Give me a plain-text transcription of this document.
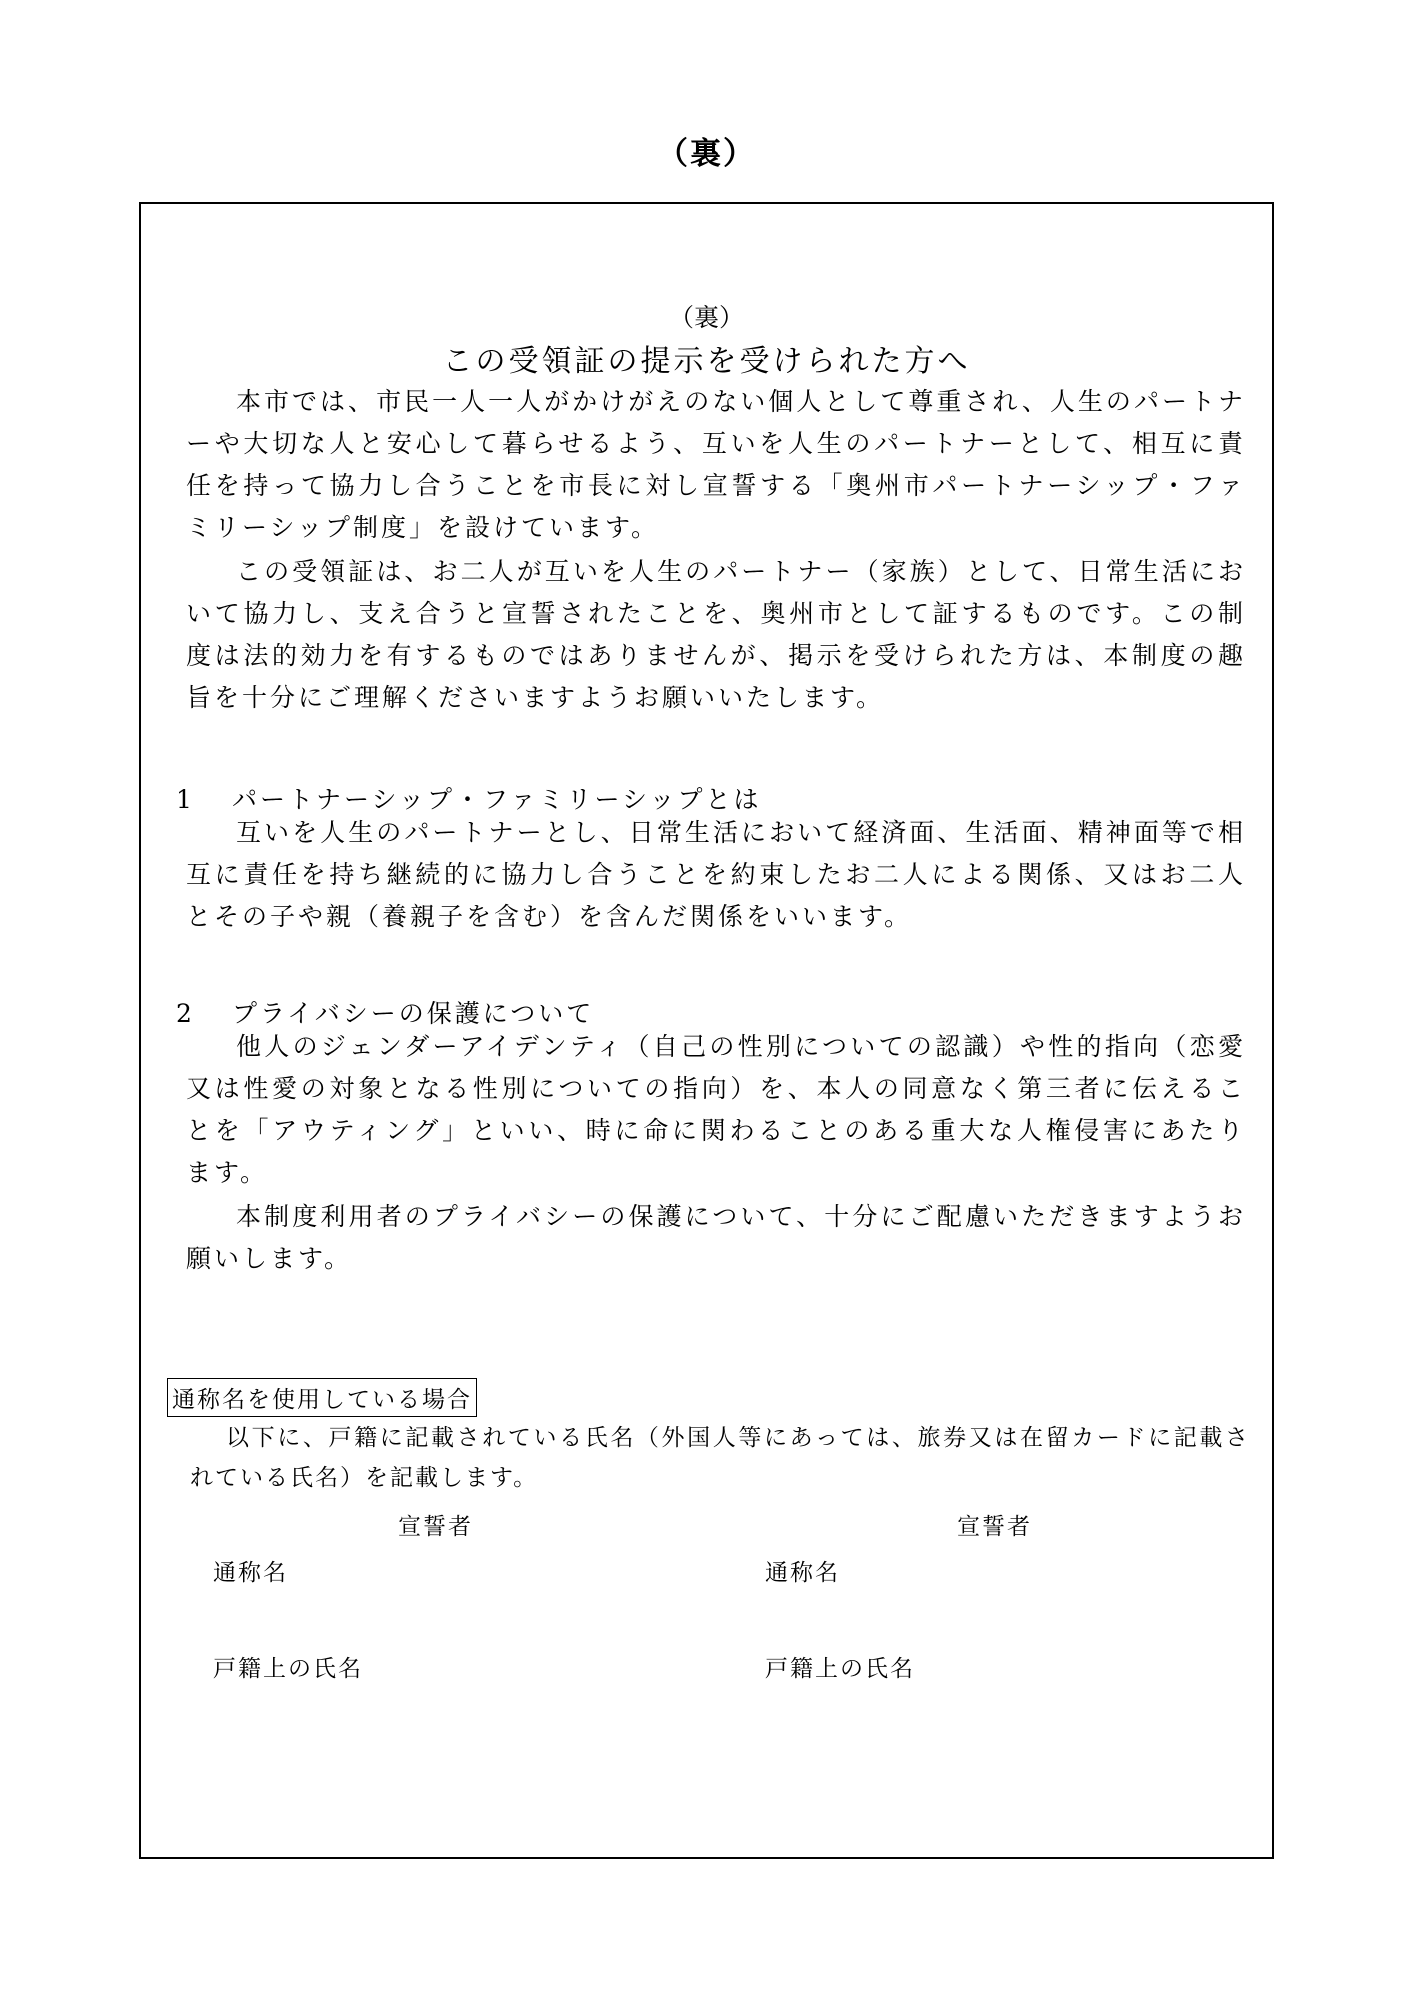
（裏）
（裏）
この受領証の提示を受けられた方へ

本市では、市民一人一人がかけがえのない個人として尊重され、人生のパートナーや大切な人と安心して暮らせるよう、互いを人生のパートナーとして、相互に責任を持って協力し合うことを市長に対し宣誓する「奥州市パートナーシップ・ファミリーシップ制度」を設けています。

この受領証は、お二人が互いを人生のパートナー（家族）として、日常生活において協力し、支え合うと宣誓されたことを、奥州市として証するものです。この制度は法的効力を有するものではありませんが、掲示を受けられた方は、本制度の趣旨を十分にご理解くださいますようお願いいたします。

1 パートナーシップ・ファミリーシップとは

互いを人生のパートナーとし、日常生活において経済面、生活面、精神面等で相互に責任を持ち継続的に協力し合うことを約束したお二人による関係、又はお二人とその子や親（養親子を含む）を含んだ関係をいいます。

2 プライバシーの保護について

他人のジェンダーアイデンティ（自己の性別についての認識）や性的指向（恋愛又は性愛の対象となる性別についての指向）を、本人の同意なく第三者に伝えることを「アウティング」といい、時に命に関わることのある重大な人権侵害にあたります。

本制度利用者のプライバシーの保護について、十分にご配慮いただきますようお願いします。

通称名を使用している場合

以下に、戸籍に記載されている氏名（外国人等にあっては、旅券又は在留カードに記載されている氏名）を記載します。

宣誓者	宣誓者
通称名	通称名
戸籍上の氏名	戸籍上の氏名
